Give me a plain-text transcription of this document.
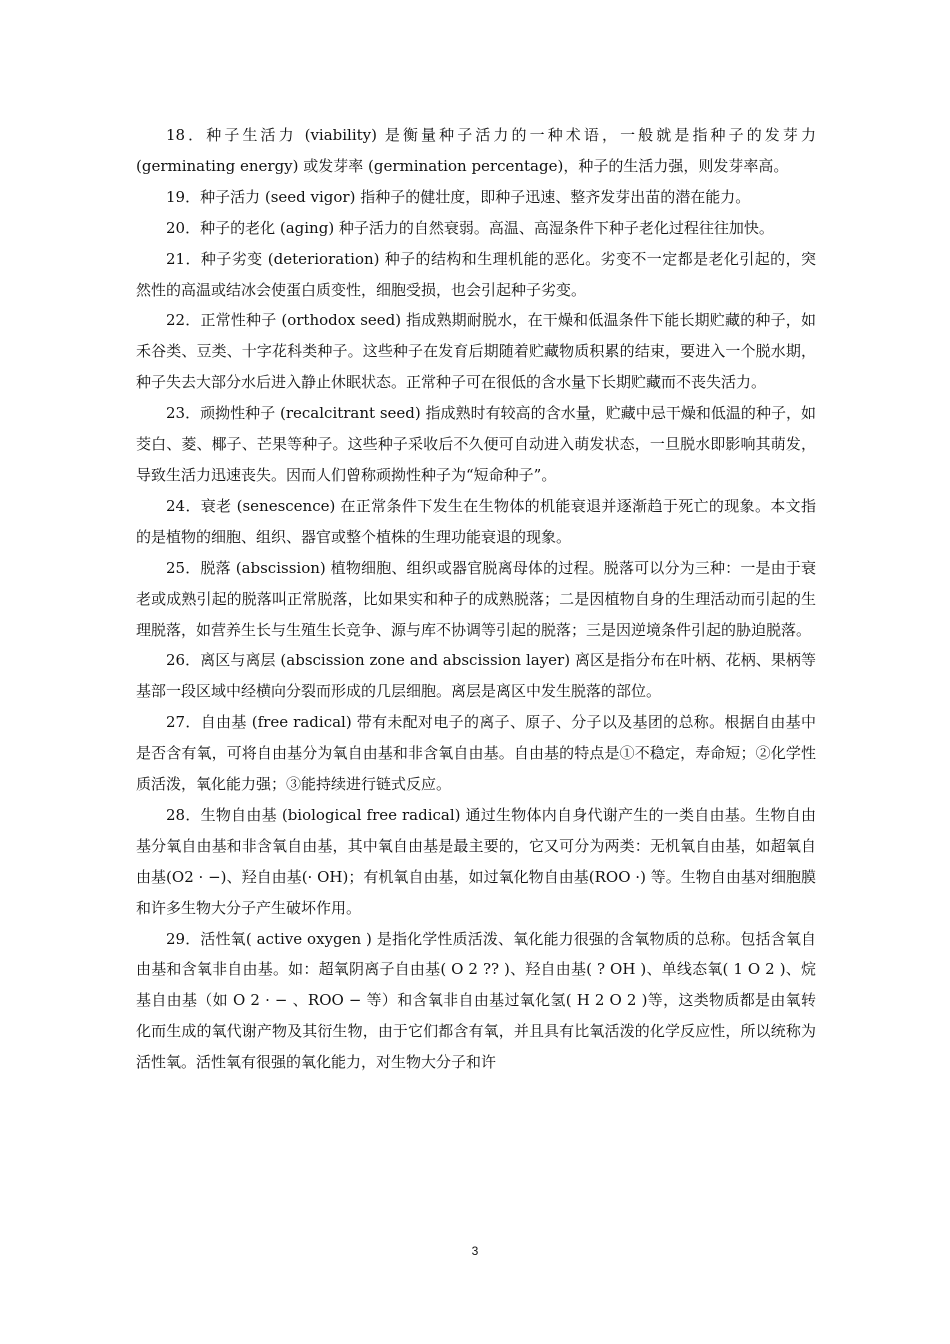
18．种子生活力 (viability) 是衡量种子活力的一种术语，一般就是指种子的发芽力 (germinating energy) 或发芽率 (germination percentage)，种子的生活力强，则发芽率高。

19．种子活力 (seed vigor) 指种子的健壮度，即种子迅速、整齐发芽出苗的潜在能力。

20．种子的老化 (aging) 种子活力的自然衰弱。高温、高湿条件下种子老化过程往往加快。

21．种子劣变 (deterioration) 种子的结构和生理机能的恶化。劣变不一定都是老化引起的，突然性的高温或结冰会使蛋白质变性，细胞受损，也会引起种子劣变。

22．正常性种子 (orthodox seed) 指成熟期耐脱水，在干燥和低温条件下能长期贮藏的种子，如禾谷类、豆类、十字花科类种子。这些种子在发育后期随着贮藏物质积累的结束，要进入一个脱水期，种子失去大部分水后进入静止休眠状态。正常种子可在很低的含水量下长期贮藏而不丧失活力。

23．顽拗性种子 (recalcitrant seed) 指成熟时有较高的含水量，贮藏中忌干燥和低温的种子，如茭白、菱、椰子、芒果等种子。这些种子采收后不久便可自动进入萌发状态，一旦脱水即影响其萌发，导致生活力迅速丧失。因而人们曾称顽拗性种子为“短命种子”。

24．衰老 (senescence) 在正常条件下发生在生物体的机能衰退并逐渐趋于死亡的现象。本文指的是植物的细胞、组织、器官或整个植株的生理功能衰退的现象。

25．脱落 (abscission) 植物细胞、组织或器官脱离母体的过程。脱落可以分为三种：一是由于衰老或成熟引起的脱落叫正常脱落，比如果实和种子的成熟脱落；二是因植物自身的生理活动而引起的生理脱落，如营养生长与生殖生长竞争、源与库不协调等引起的脱落；三是因逆境条件引起的胁迫脱落。

26．离区与离层 (abscission zone and abscission layer) 离区是指分布在叶柄、花柄、果柄等基部一段区域中经横向分裂而形成的几层细胞。离层是离区中发生脱落的部位。

27．自由基 (free radical) 带有未配对电子的离子、原子、分子以及基团的总称。根据自由基中是否含有氧，可将自由基分为氧自由基和非含氧自由基。自由基的特点是①不稳定，寿命短；②化学性质活泼，氧化能力强；③能持续进行链式反应。

28．生物自由基 (biological free radical) 通过生物体内自身代谢产生的一类自由基。生物自由基分氧自由基和非含氧自由基，其中氧自由基是最主要的，它又可分为两类：无机氧自由基，如超氧自由基(O2 · −)、羟自由基(· OH)；有机氧自由基，如过氧化物自由基(ROO ·) 等。生物自由基对细胞膜和许多生物大分子产生破坏作用。

29．活性氧( active oxygen ) 是指化学性质活泼、氧化能力很强的含氧物质的总称。包括含氧自由基和含氧非自由基。如：超氧阴离子自由基( O 2 ?? )、羟自由基( ? OH )、单线态氧( 1 O 2 )、烷基自由基（如 O 2 · − 、ROO − 等）和含氧非自由基过氧化氢( H 2 O 2 )等，这类物质都是由氧转化而生成的氧代谢产物及其衍生物，由于它们都含有氧，并且具有比氧活泼的化学反应性，所以统称为活性氧。活性氧有很强的氧化能力，对生物大分子和许

3
